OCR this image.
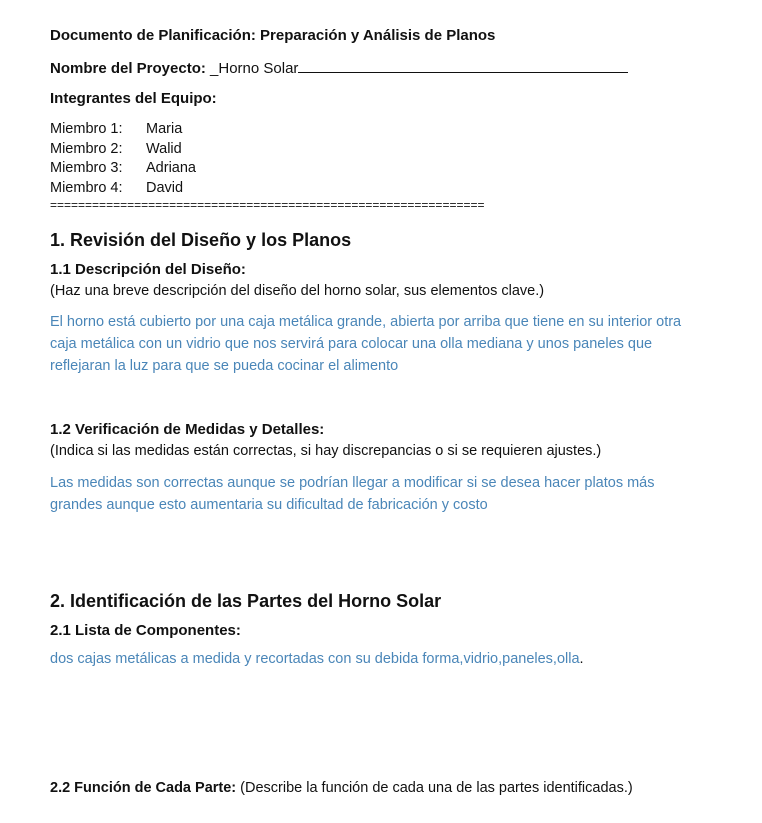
Documento de Planificación: Preparación y Análisis de Planos
Nombre del Proyecto: _Horno Solar
Integrantes del Equipo:
Miembro 1:	Maria
Miembro 2:	Walid
Miembro 3:	Adriana
Miembro 4:	David
==============================================================
1. Revisión del Diseño y los Planos
1.1 Descripción del Diseño:
(Haz una breve descripción del diseño del horno solar, sus elementos clave.)
El horno está cubierto por una caja metálica grande, abierta por arriba que tiene en su interior otra caja metálica con un vidrio que nos servirá para colocar una olla mediana y unos paneles que reflejaran la luz para que se pueda cocinar el alimento
1.2 Verificación de Medidas y Detalles:
(Indica si las medidas están correctas, si hay discrepancias o si se requieren ajustes.)
Las medidas son correctas aunque se podrían llegar a modificar si se desea hacer platos más grandes aunque esto aumentaria su dificultad de fabricación y costo
2. Identificación de las Partes del Horno Solar
2.1 Lista de Componentes:
dos cajas metálicas a medida y recortadas con su debida forma,vidrio,paneles,olla.
2.2 Función de Cada Parte: (Describe la función de cada una de las partes identificadas.)
